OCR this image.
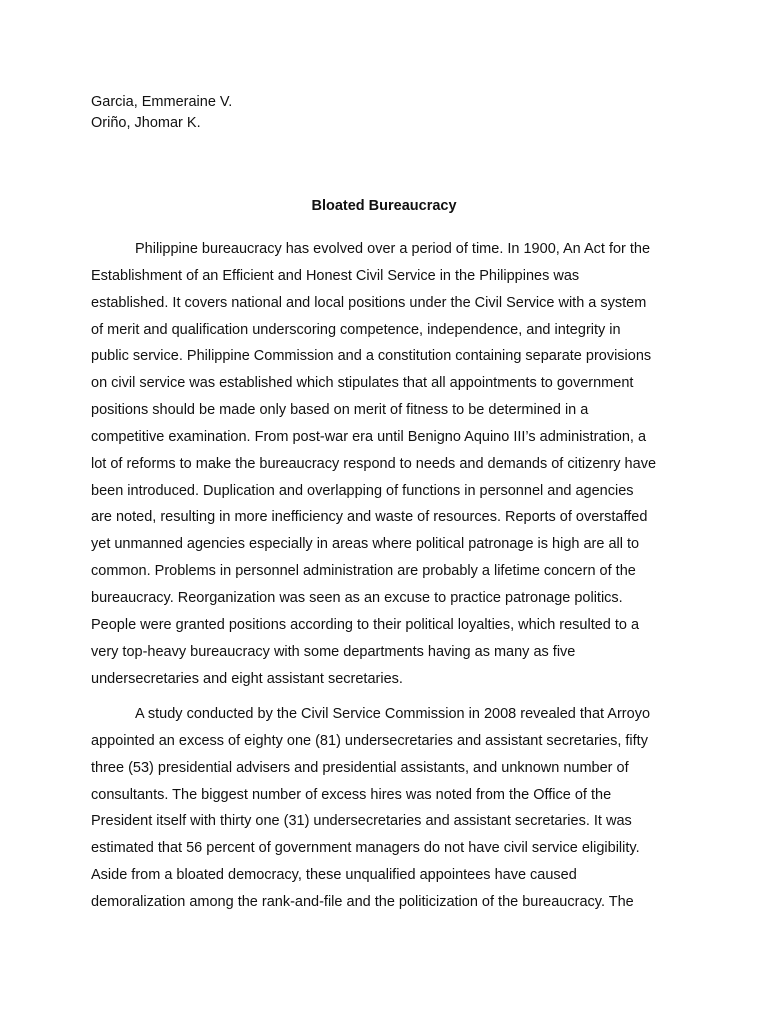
Garcia, Emmeraine V.
Oriño, Jhomar K.
Bloated Bureaucracy
Philippine bureaucracy has evolved over a period of time. In 1900, An Act for the
Establishment of an Efficient and Honest Civil Service in the Philippines was
established. It covers national and local positions under the Civil Service with a system
of merit and qualification underscoring competence, independence, and integrity in
public service. Philippine Commission and a constitution containing separate provisions
on civil service was established which stipulates that all appointments to government
positions should be made only based on merit of fitness to be determined in a
competitive examination. From post-war era until Benigno Aquino III’s administration, a
lot of reforms to make the bureaucracy respond to needs and demands of citizenry have
been introduced. Duplication and overlapping of functions in personnel and agencies
are noted, resulting in more inefficiency and waste of resources. Reports of overstaffed
yet unmanned agencies especially in areas where political patronage is high are all to
common. Problems in personnel administration are probably a lifetime concern of the
bureaucracy. Reorganization was seen as an excuse to practice patronage politics.
People were granted positions according to their political loyalties, which resulted to a
very top-heavy bureaucracy with some departments having as many as five
undersecretaries and eight assistant secretaries.
A study conducted by the Civil Service Commission in 2008 revealed that Arroyo
appointed an excess of eighty one (81) undersecretaries and assistant secretaries, fifty
three (53) presidential advisers and presidential assistants, and unknown number of
consultants. The biggest number of excess hires was noted from the Office of the
President itself with thirty one (31) undersecretaries and assistant secretaries. It was
estimated that 56 percent of government managers do not have civil service eligibility.
Aside from a bloated democracy, these unqualified appointees have caused
demoralization among the rank-and-file and the politicization of the bureaucracy. The
